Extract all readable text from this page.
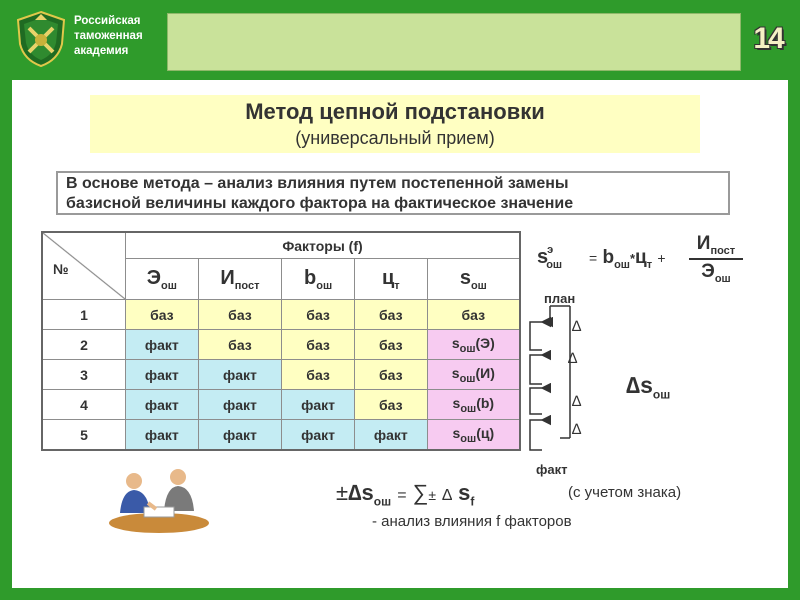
Российская
таможенная
академия	14
Метод цепной подстановки
(универсальный прием)
В основе метода – анализ влияния путем постепенной замены
базисной величины каждого фактора на фактическое значение
№	Факторы (f)				
	$Э_{ош}$	$И_{пост}$	$b_{ош}$	$ц_т$	$s_{ош}$
1	баз	баз	баз	баз	баз
2	факт	баз	баз	баз	$s_{ош}(Э)$
3	факт	факт	баз	баз	$s_{ош}(И)$
4	факт	факт	факт	баз	$s_{ош}(b)$
5	факт	факт	факт	факт	$s_{ош}(ц)$
$s^э_{ош} = b_{ош}*ц_т$ +
$И_{пост}$
$Э_{ош}$
план
∆
∆
∆
∆
$\Delta s_{ош}$
факт
$\pm\Delta s_{ош}$ = ∑± ∆ $s_f$
(с учетом знака)
- анализ влияния f факторов
